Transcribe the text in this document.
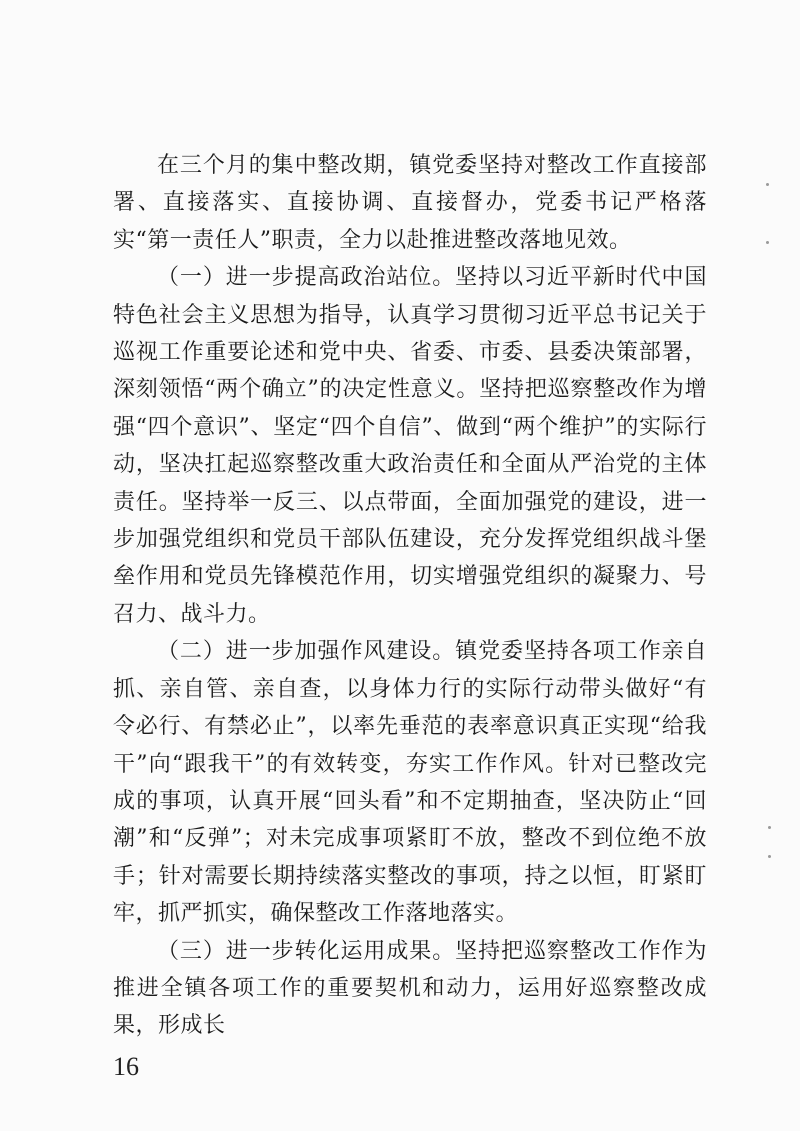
在三个月的集中整改期，镇党委坚持对整改工作直接部署、直接落实、直接协调、直接督办，党委书记严格落实“第一责任人”职责，全力以赴推进整改落地见效。

（一）进一步提高政治站位。坚持以习近平新时代中国特色社会主义思想为指导，认真学习贯彻习近平总书记关于巡视工作重要论述和党中央、省委、市委、县委决策部署，深刻领悟“两个确立”的决定性意义。坚持把巡察整改作为增强“四个意识”、坚定“四个自信”、做到“两个维护”的实际行动，坚决扛起巡察整改重大政治责任和全面从严治党的主体责任。坚持举一反三、以点带面，全面加强党的建设，进一步加强党组织和党员干部队伍建设，充分发挥党组织战斗堡垒作用和党员先锋模范作用，切实增强党组织的凝聚力、号召力、战斗力。

（二）进一步加强作风建设。镇党委坚持各项工作亲自抓、亲自管、亲自查，以身体力行的实际行动带头做好“有令必行、有禁必止”，以率先垂范的表率意识真正实现“给我干”向“跟我干”的有效转变，夯实工作作风。针对已整改完成的事项，认真开展“回头看”和不定期抽查，坚决防止“回潮”和“反弹”；对未完成事项紧盯不放，整改不到位绝不放手；针对需要长期持续落实整改的事项，持之以恒，盯紧盯牢，抓严抓实，确保整改工作落地落实。

（三）进一步转化运用成果。坚持把巡察整改工作作为推进全镇各项工作的重要契机和动力，运用好巡察整改成果，形成长

16
